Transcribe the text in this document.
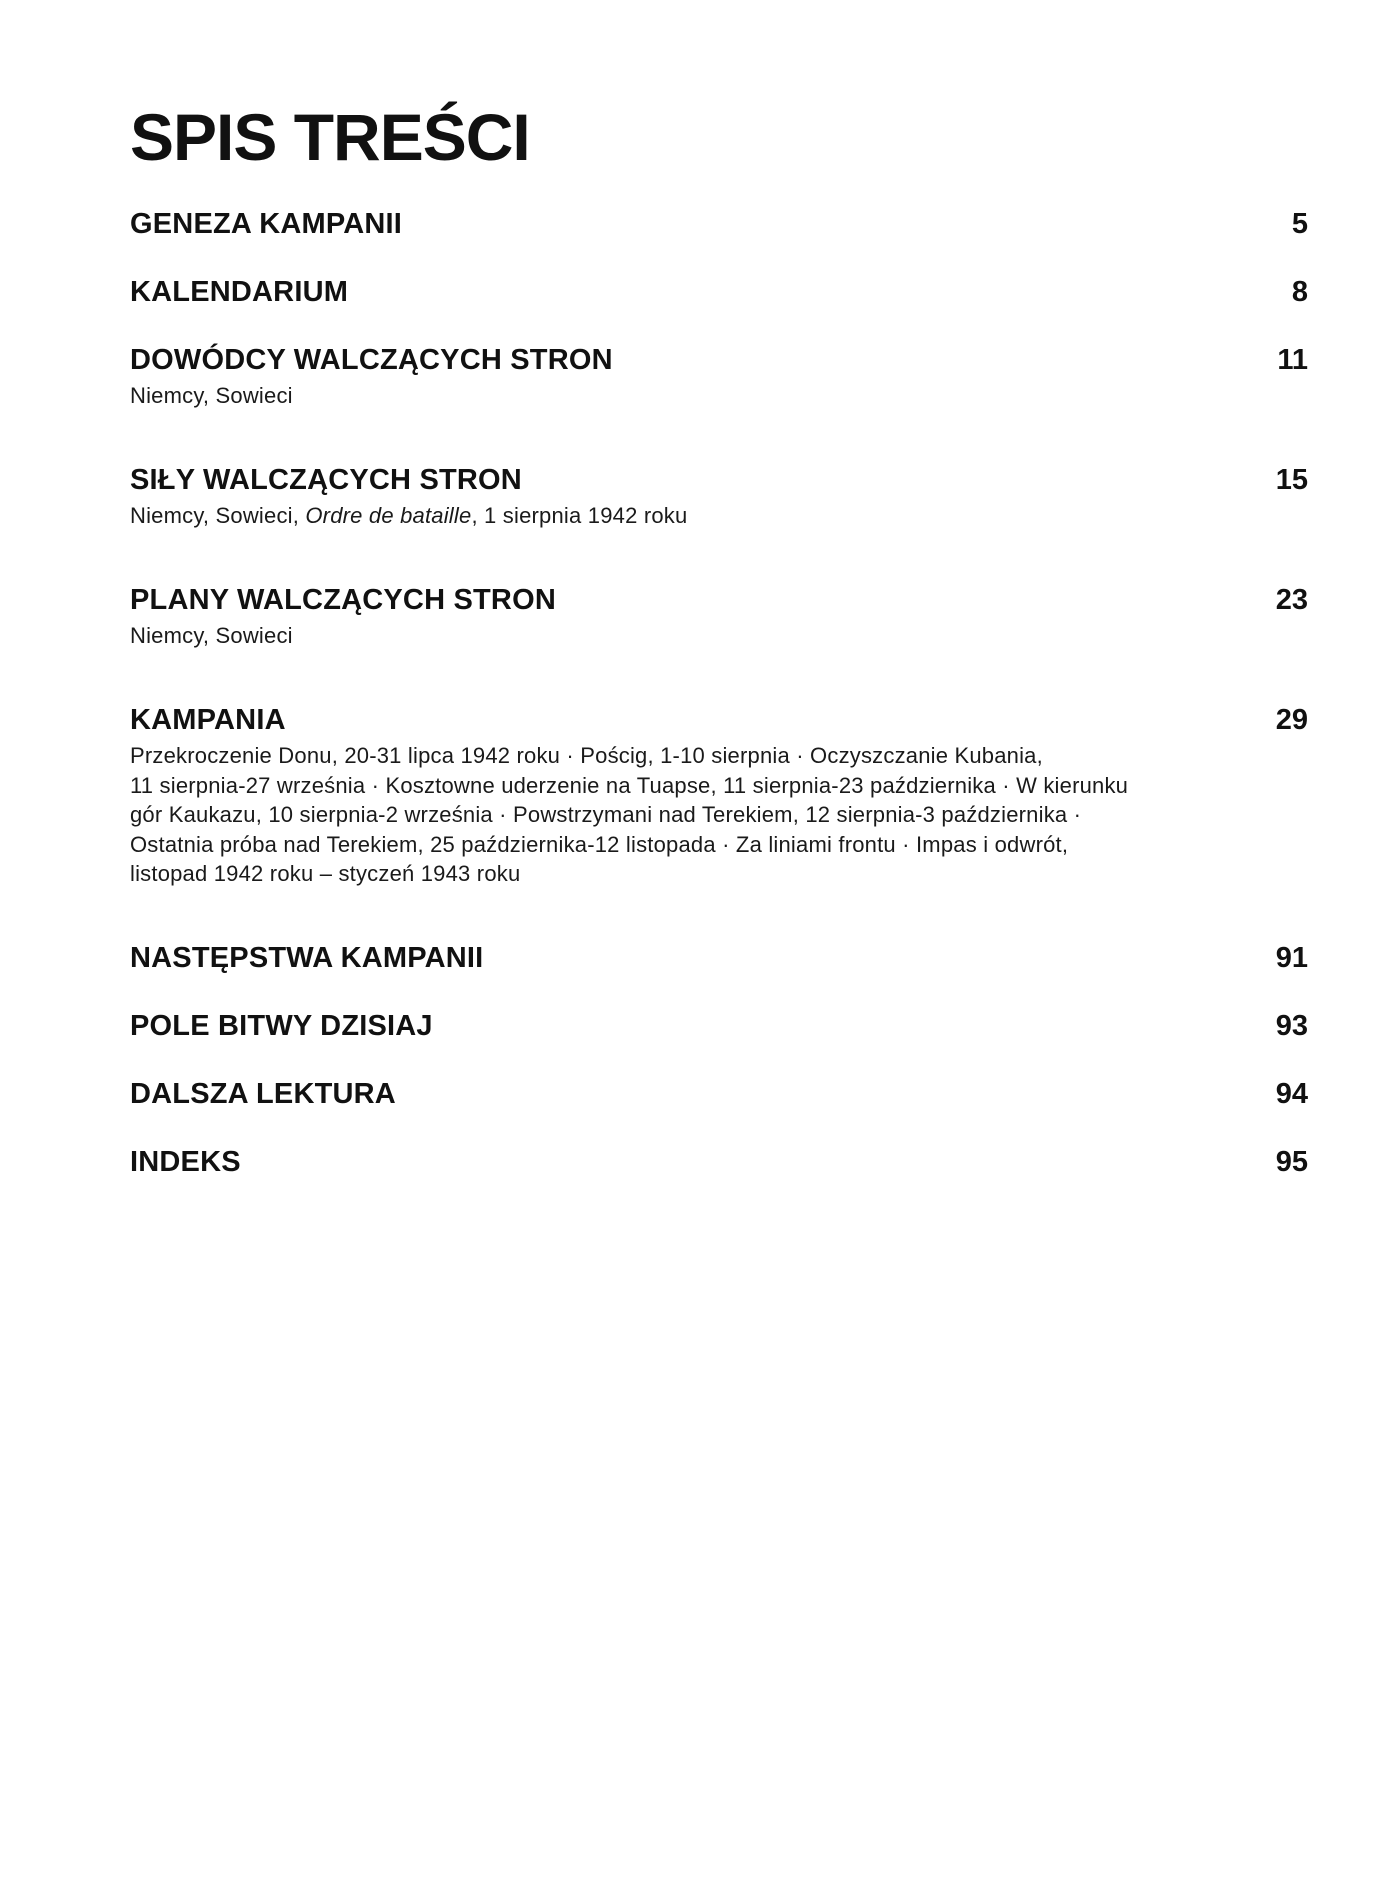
SPIS TREŚCI
GENEZA KAMPANII	5
KALENDARIUM	8
DOWÓDCY WALCZĄCYCH STRON	11
Niemcy, Sowieci
SIŁY WALCZĄCYCH STRON	15
Niemcy, Sowieci, Ordre de bataille, 1 sierpnia 1942 roku
PLANY WALCZĄCYCH STRON	23
Niemcy, Sowieci
KAMPANIA	29
Przekroczenie Donu, 20-31 lipca 1942 roku · Pościg, 1-10 sierpnia · Oczyszczanie Kubania,
11 sierpnia-27 września · Kosztowne uderzenie na Tuapse, 11 sierpnia-23 października · W kierunku
gór Kaukazu, 10 sierpnia-2 września · Powstrzymani nad Terekiem, 12 sierpnia-3 października ·
Ostatnia próba nad Terekiem, 25 października-12 listopada · Za liniami frontu · Impas i odwrót,
listopad 1942 roku – styczeń 1943 roku
NASTĘPSTWA KAMPANII	91
POLE BITWY DZISIAJ	93
DALSZA LEKTURA	94
INDEKS	95
